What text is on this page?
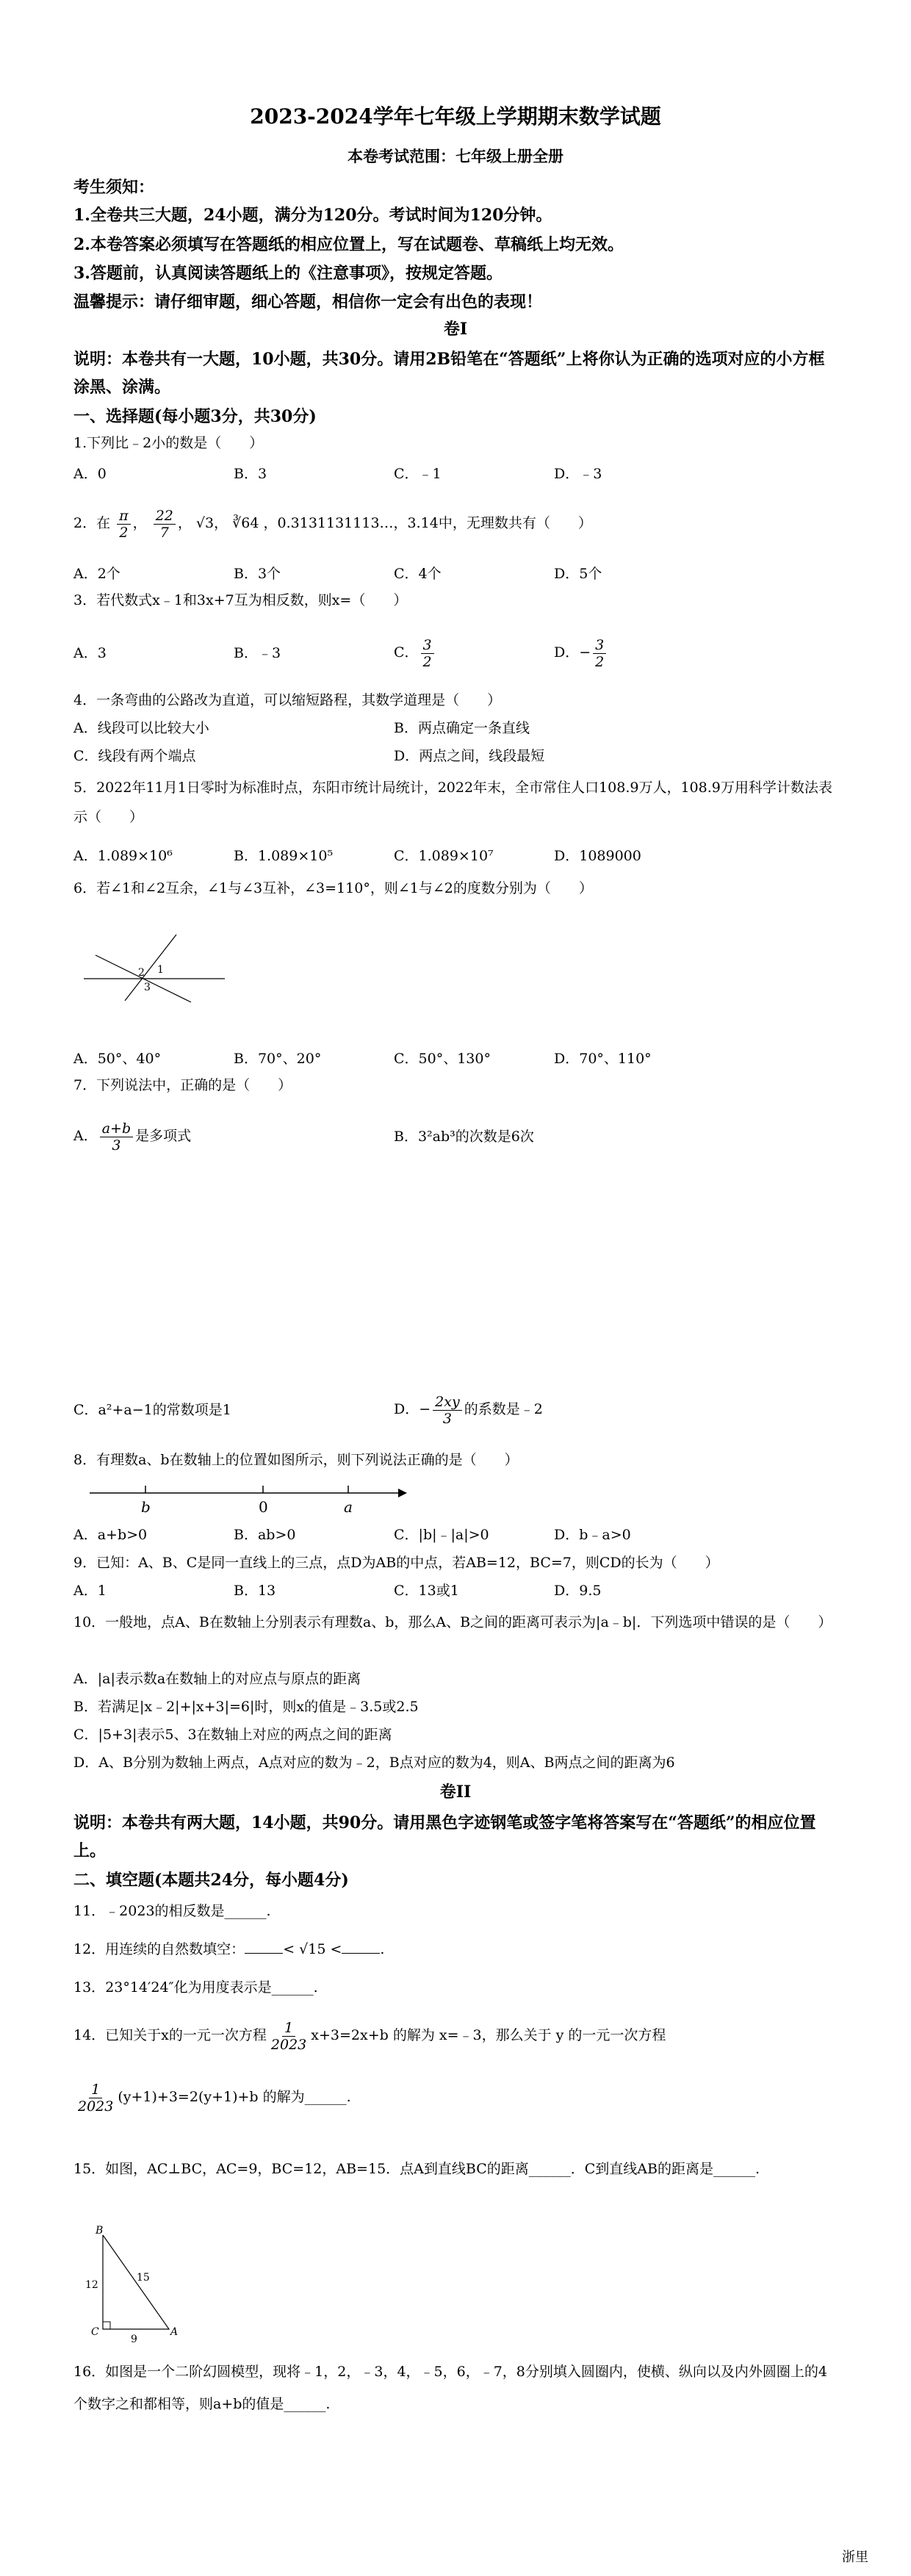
2023-2024学年七年级上学期期末数学试题
本卷考试范围：七年级上册全册
考生须知：
1.全卷共三大题，24小题，满分为120分。考试时间为120分钟。
2.本卷答案必须填写在答题纸的相应位置上，写在试题卷、草稿纸上均无效。
3.答题前，认真阅读答题纸上的《注意事项》，按规定答题。
温馨提示：请仔细审题，细心答题，相信你一定会有出色的表现！
卷I
说明：本卷共有一大题，10小题，共30分。请用2B铅笔在“答题纸”上将你认为正确的选项对应的小方框涂黑、涂满。
一、选择题(每小题3分，共30分)
1.下列比﹣2小的数是（　　）
A．0	B．3	C．﹣1	D．﹣3
2．在 $\frac{\pi}{2}$ ， $\frac{22}{7}$ ， √3， ∛64 ，0.3131131113…，3.14中，无理数共有（　　）
A．2个	B．3个	C．4个	D．5个
3．若代数式x﹣1和3x+7互为相反数，则x=（　　）
A．3	B．﹣3	C． $\frac{3}{2}$	D．− $\frac{3}{2}$
4．一条弯曲的公路改为直道，可以缩短路程，其数学道理是（　　）
A．线段可以比较大小	B．两点确定一条直线
C．线段有两个端点	D．两点之间，线段最短
5．2022年11月1日零时为标准时点，东阳市统计局统计，2022年末，全市常住人口108.9万人，108.9万用科学计数法表示（　　）
A．1.089×10⁶	B．1.089×10⁵	C．1.089×10⁷	D．1089000
6．若∠1和∠2互余，∠1与∠3互补，∠3=110°，则∠1与∠2的度数分别为（　　）
2 1
3
A．50°、40°	B．70°、20°	C．50°、130°	D．70°、110°
7．下列说法中，正确的是（　　）
A． $\frac{a+b}{3}$ 是多项式	B．3²ab³的次数是6次
C．a²+a−1的常数项是1	D．− $\frac{2xy}{3}$ 的系数是﹣2
8．有理数a、b在数轴上的位置如图所示，则下列说法正确的是（　　）
b	0	a
A．a+b>0	B．ab>0	C．|b|﹣|a|>0	D．b﹣a>0
9．已知：A、B、C是同一直线上的三点，点D为AB的中点，若AB=12，BC=7，则CD的长为（　　）
A．1	B．13	C．13或1	D．9.5
10．一般地，点A、B在数轴上分别表示有理数a、b，那么A、B之间的距离可表示为|a﹣b|．下列选项中错误的是（　　）
A．|a|表示数a在数轴上的对应点与原点的距离
B．若满足|x﹣2|+|x+3|=6|时，则x的值是﹣3.5或2.5
C．|5+3|表示5、3在数轴上对应的两点之间的距离
D．A、B分别为数轴上两点，A点对应的数为﹣2，B点对应的数为4，则A、B两点之间的距离为6
卷II
说明：本卷共有两大题，14小题，共90分。请用黑色字迹钢笔或签字笔将答案写在“答题纸”的相应位置上。
二、填空题(本题共24分，每小题4分)
11．﹣2023的相反数是______.
12．用连续的自然数填空：	< √15 <	.
13．23°14′24″化为用度表示是______.
14．已知关于x的一元一次方程 $\frac{1}{2023} x+3=2x+b$ 的解为 x=﹣3，那么关于 y 的一元一次方程
$\frac{1}{2023} (y+1)+3=2(y+1)+b$ 的解为______.
15．如图，AC⊥BC，AC=9，BC=12，AB=15．点A到直线BC的距离______．C到直线AB的距离是______.
B
C	A
12
15
9
16．如图是一个二阶幻圆模型，现将﹣1，2，﹣3，4，﹣5，6，﹣7，8分别填入圆圈内，使横、纵向以及内外圆圈上的4个数字之和都相等，则a+b的值是______.
浙里
